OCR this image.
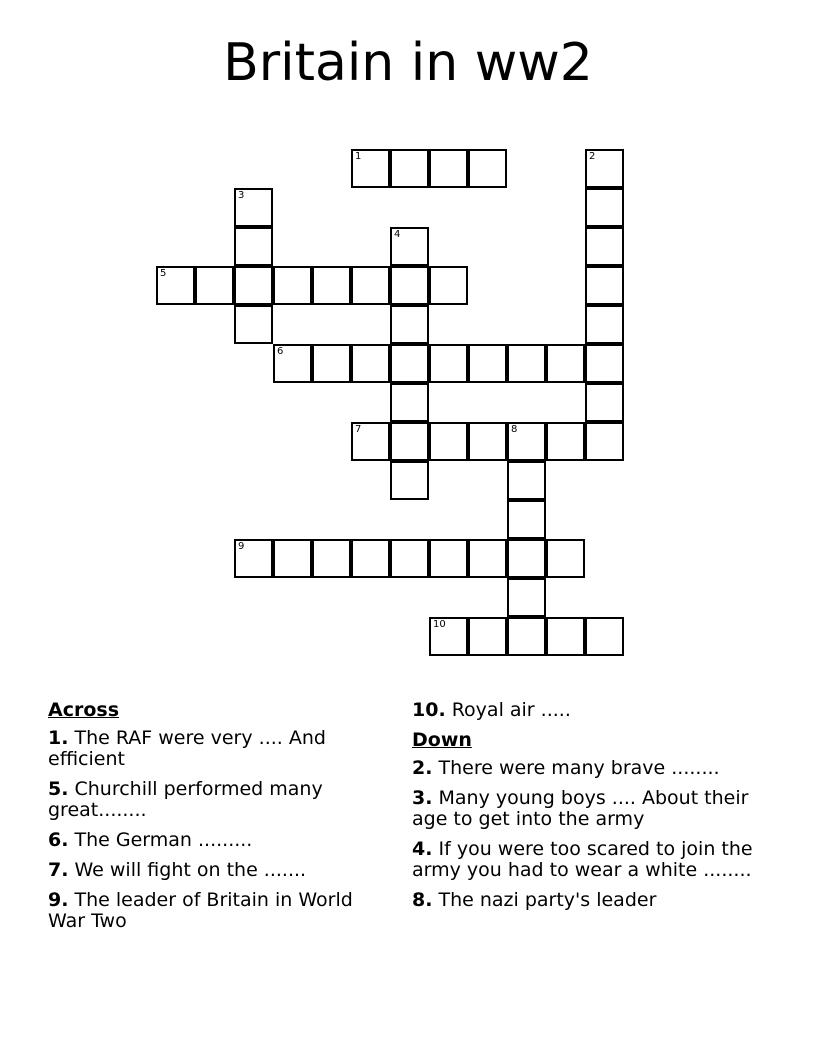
Britain in ww2
1	2
3
4
5
6
7	8
9
10
Across
1. The RAF were very .... And efficient
5. Churchill performed many great........
6. The German .........
7. We will fight on the .......
9. The leader of Britain in World War Two
10. Royal air .....
Down
2. There were many brave ........
3. Many young boys .... About their age to get into the army
4. If you were too scared to join the army you had to wear a white ........
8. The nazi party's leader
